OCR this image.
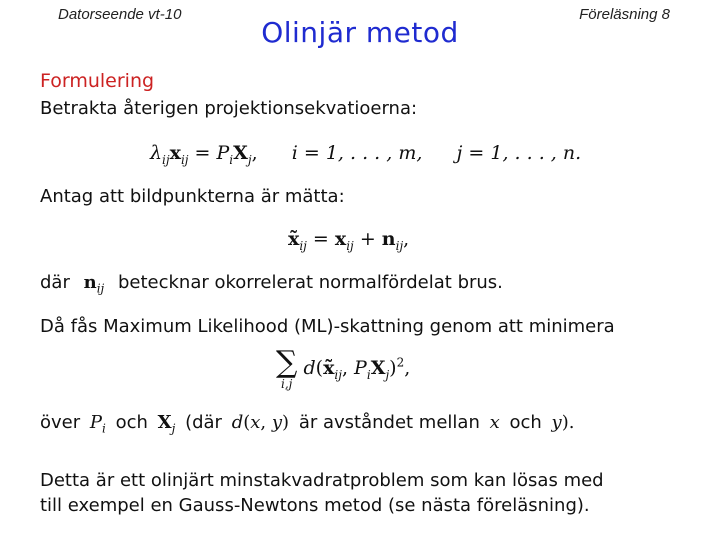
Datorseende vt-10	Föreläsning 8
Olinjär metod
Formulering
Betrakta återigen projektionsekvatioerna:
$\lambda_{ij}x_{ij} = P_iX_j$,  i = 1, . . . , m, j = 1, . . . , n.
Antag att bildpunkterna är mätta:
$x̃_{ij} = x_{ij} + n_{ij}$,
där $n_{ij}$ betecknar okorrelerat normalfördelat brus.
Då fås Maximum Likelihood (ML)-skattning genom att minimera
∑
i,j
$d(x̃_{ij}$, $P_iX_j)^2$,
över $P_i$ och $X_j$ (där d(x, y) är avståndet mellan x och y).
Detta är ett olinjärt minstakvadratproblem som kan lösas med
till exempel en Gauss-Newtons metod (se nästa föreläsning).
